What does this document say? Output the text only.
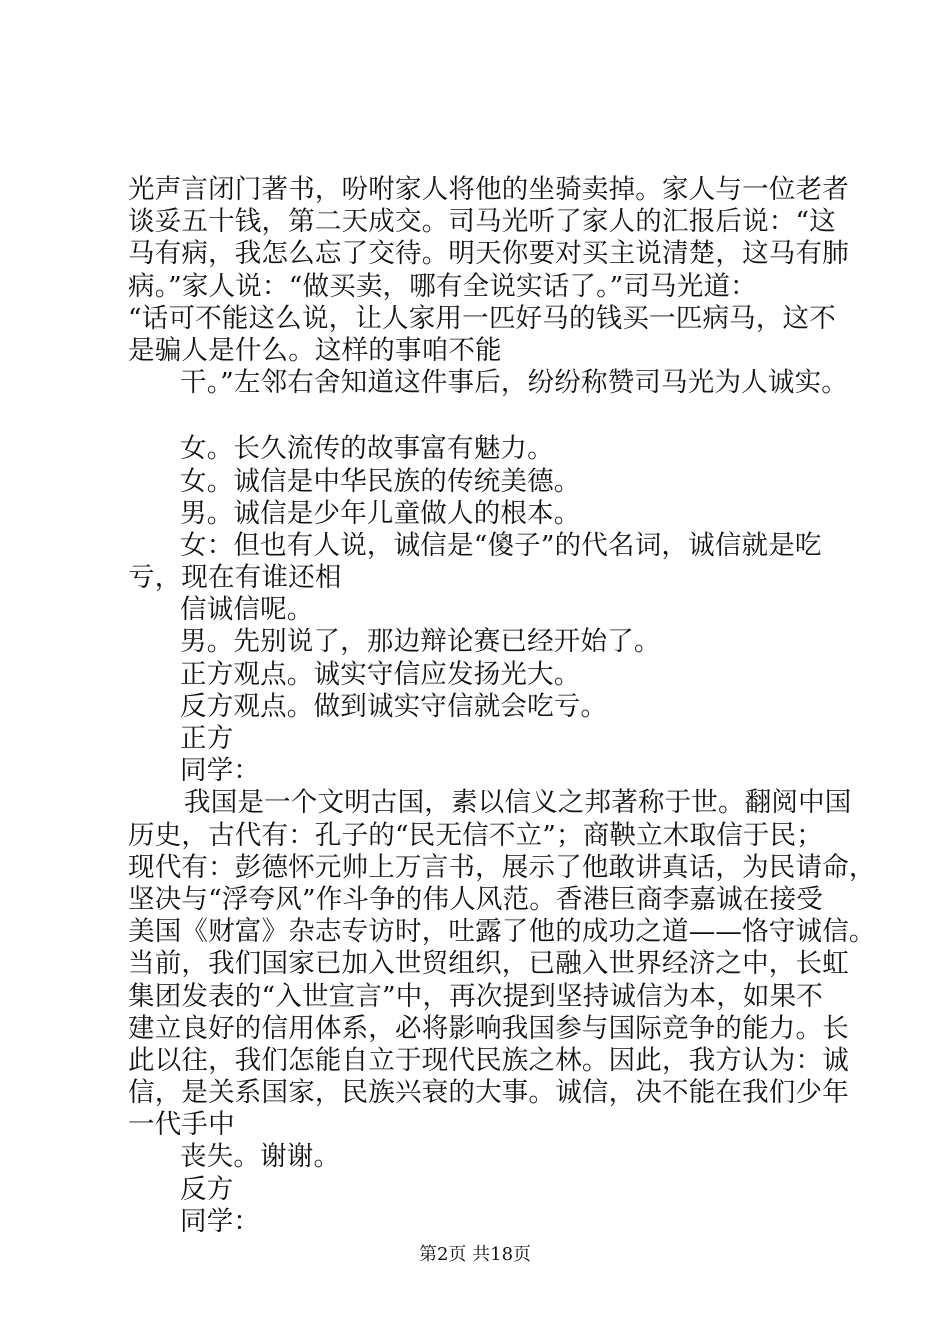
光声言闭门著书，吩咐家人将他的坐骑卖掉。家人与一位老者
谈妥五十钱，第二天成交。司马光听了家人的汇报后说：“这
马有病，我怎么忘了交待。明天你要对买主说清楚，这马有肺
病。”家人说：“做买卖，哪有全说实话了。”司马光道：
“话可不能这么说，让人家用一匹好马的钱买一匹病马，这不
是骗人是什么。这样的事咱不能
干。”左邻右舍知道这件事后，纷纷称赞司马光为人诚实。
女。长久流传的故事富有魅力。
女。诚信是中华民族的传统美德。
男。诚信是少年儿童做人的根本。
女：但也有人说，诚信是“傻子”的代名词，诚信就是吃
亏，现在有谁还相
信诚信呢。
男。先别说了，那边辩论赛已经开始了。
正方观点。诚实守信应发扬光大。
反方观点。做到诚实守信就会吃亏。
正方
同学：
我国是一个文明古国，素以信义之邦著称于世。翻阅中国
历史，古代有：孔子的“民无信不立”；商鞅立木取信于民；
现代有：彭德怀元帅上万言书，展示了他敢讲真话，为民请命，
坚决与“浮夸风”作斗争的伟人风范。香港巨商李嘉诚在接受
美国《财富》杂志专访时，吐露了他的成功之道——恪守诚信。
当前，我们国家已加入世贸组织，已融入世界经济之中，长虹
集团发表的“入世宣言”中，再次提到坚持诚信为本，如果不
建立良好的信用体系，必将影响我国参与国际竞争的能力。长
此以往，我们怎能自立于现代民族之林。因此，我方认为：诚
信，是关系国家，民族兴衰的大事。诚信，决不能在我们少年
一代手中
丧失。谢谢。
反方
同学：
第2页 共18页
